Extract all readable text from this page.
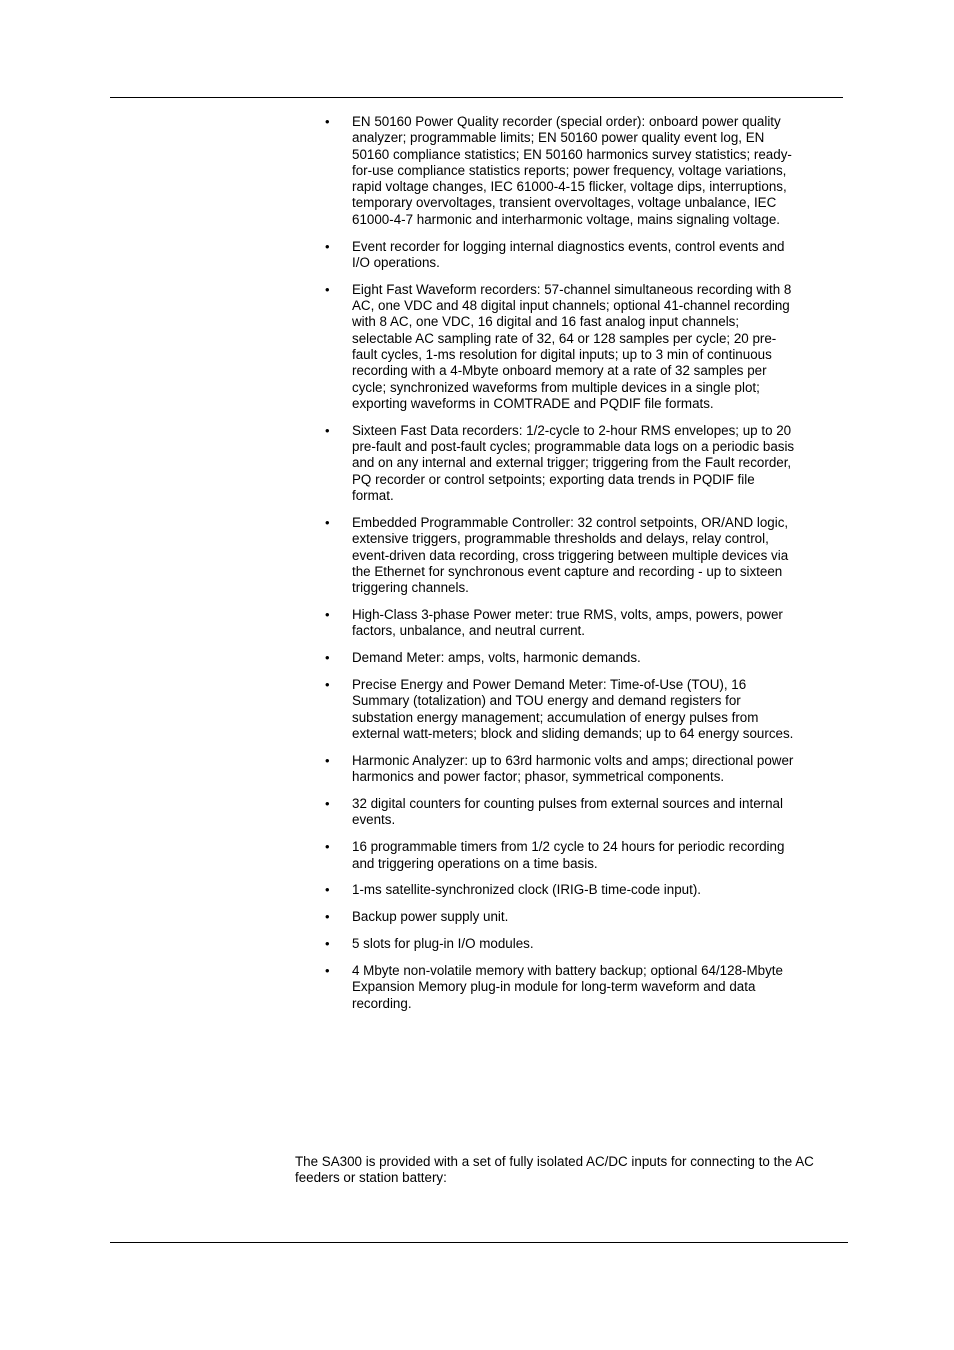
• EN 50160 Power Quality recorder (special order): onboard power quality analyzer; programmable limits; EN 50160 power quality event log, EN 50160 compliance statistics; EN 50160 harmonics survey statistics; ready-for-use compliance statistics reports; power frequency, voltage variations, rapid voltage changes, IEC 61000-4-15 flicker, voltage dips, interruptions, temporary overvoltages, transient overvoltages, voltage unbalance, IEC 61000-4-7 harmonic and interharmonic voltage, mains signaling voltage.
• Event recorder for logging internal diagnostics events, control events and I/O operations.
• Eight Fast Waveform recorders: 57-channel simultaneous recording with 8 AC, one VDC and 48 digital input channels; optional 41-channel recording with 8 AC, one VDC, 16 digital and 16 fast analog input channels; selectable AC sampling rate of 32, 64 or 128 samples per cycle; 20 pre-fault cycles, 1-ms resolution for digital inputs; up to 3 min of continuous recording with a 4-Mbyte onboard memory at a rate of 32 samples per cycle; synchronized waveforms from multiple devices in a single plot; exporting waveforms in COMTRADE and PQDIF file formats.
• Sixteen Fast Data recorders: 1/2-cycle to 2-hour RMS envelopes; up to 20 pre-fault and post-fault cycles; programmable data logs on a periodic basis and on any internal and external trigger; triggering from the Fault recorder, PQ recorder or control setpoints; exporting data trends in PQDIF file format.
• Embedded Programmable Controller: 32 control setpoints, OR/AND logic, extensive triggers, programmable thresholds and delays, relay control, event-driven data recording, cross triggering between multiple devices via the Ethernet for synchronous event capture and recording - up to sixteen triggering channels.
• High-Class 3-phase Power meter: true RMS, volts, amps, powers, power factors, unbalance, and neutral current.
• Demand Meter: amps, volts, harmonic demands.
• Precise Energy and Power Demand Meter: Time-of-Use (TOU), 16 Summary (totalization) and TOU energy and demand registers for substation energy management; accumulation of energy pulses from external watt-meters; block and sliding demands; up to 64 energy sources.
• Harmonic Analyzer: up to 63rd harmonic volts and amps; directional power harmonics and power factor; phasor, symmetrical components.
• 32 digital counters for counting pulses from external sources and internal events.
• 16 programmable timers from 1/2 cycle to 24 hours for periodic recording and triggering operations on a time basis.
• 1-ms satellite-synchronized clock (IRIG-B time-code input).
• Backup power supply unit.
• 5 slots for plug-in I/O modules.
• 4 Mbyte non-volatile memory with battery backup; optional 64/128-Mbyte Expansion Memory plug-in module for long-term waveform and data recording.

The SA300 is provided with a set of fully isolated AC/DC inputs for connecting to the AC feeders or station battery:
